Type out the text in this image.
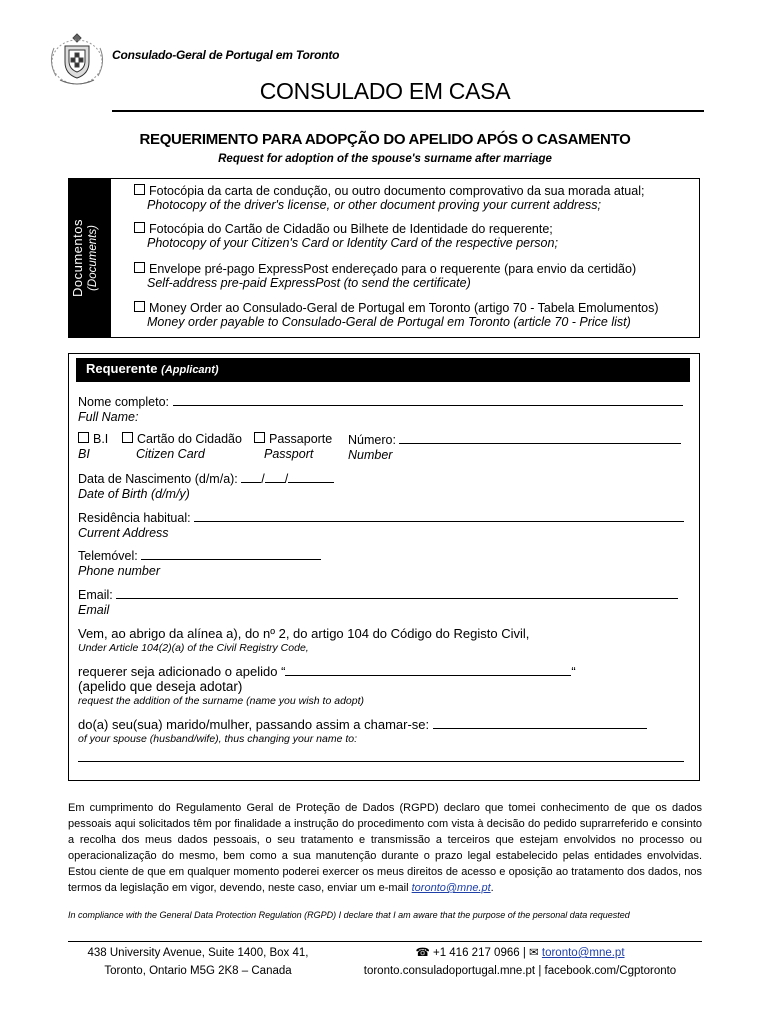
Consulado-Geral de Portugal em Toronto
CONSULADO EM CASA
REQUERIMENTO PARA ADOPÇÃO DO APELIDO APÓS O CASAMENTO
Request for adoption of the spouse's surname after marriage
Documentos (Documents)
Fotocópia da carta de condução, ou outro documento comprovativo da sua morada atual;
Photocopy of the driver's license, or other document proving your current address;
Fotocópia do Cartão de Cidadão ou Bilhete de Identidade do requerente;
Photocopy of your Citizen's Card or Identity Card of the respective person;
Envelope pré-pago ExpressPost endereçado para o requerente (para envio da certidão)
Self-address pre-paid ExpressPost (to send the certificate)
Money Order ao Consulado-Geral de Portugal em Toronto (artigo 70 - Tabela Emolumentos)
Money order payable to Consulado-Geral de Portugal em Toronto (article 70 - Price list)
Requerente (Applicant)
Nome completo:
Full Name:
B.I
BI
Cartão do Cidadão
Citizen Card
Passaporte
Passport
Número:
Number
Data de Nascimento (d/m/a): / /
Date of Birth (d/m/y)
Residência habitual:
Current Address
Telemóvel:
Phone number
Email:
Email
Vem, ao abrigo da alínea a), do nº 2, do artigo 104 do Código do Registo Civil,
Under Article 104(2)(a) of the Civil Registry Code,
requerer seja adicionado o apelido “	“
(apelido que deseja adotar)
request the addition of the surname (name you wish to adopt)
do(a) seu(sua) marido/mulher, passando assim a chamar-se:
of your spouse (husband/wife), thus changing your name to:
Em cumprimento do Regulamento Geral de Proteção de Dados (RGPD) declaro que tomei conhecimento de que os dados pessoais aqui solicitados têm por finalidade a instrução do procedimento com vista à decisão do pedido suprarreferido e consinto a recolha dos meus dados pessoais, o seu tratamento e transmissão a terceiros que estejam envolvidos no processo ou operacionalização do mesmo, bem como a sua manutenção durante o prazo legal estabelecido pelas entidades envolvidas. Estou ciente de que em qualquer momento poderei exercer os meus direitos de acesso e oposição ao tratamento dos dados, nos termos da legislação em vigor, devendo, neste caso, enviar um e-mail toronto@mne.pt.
In compliance with the General Data Protection Regulation (RGPD) I declare that I am aware that the purpose of the personal data requested
438 University Avenue, Suite 1400, Box 41,
Toronto, Ontario M5G 2K8 – Canada
☎ +1 416 217 0966 | ✉ toronto@mne.pt
toronto.consuladoportugal.mne.pt | facebook.com/Cgptoronto
